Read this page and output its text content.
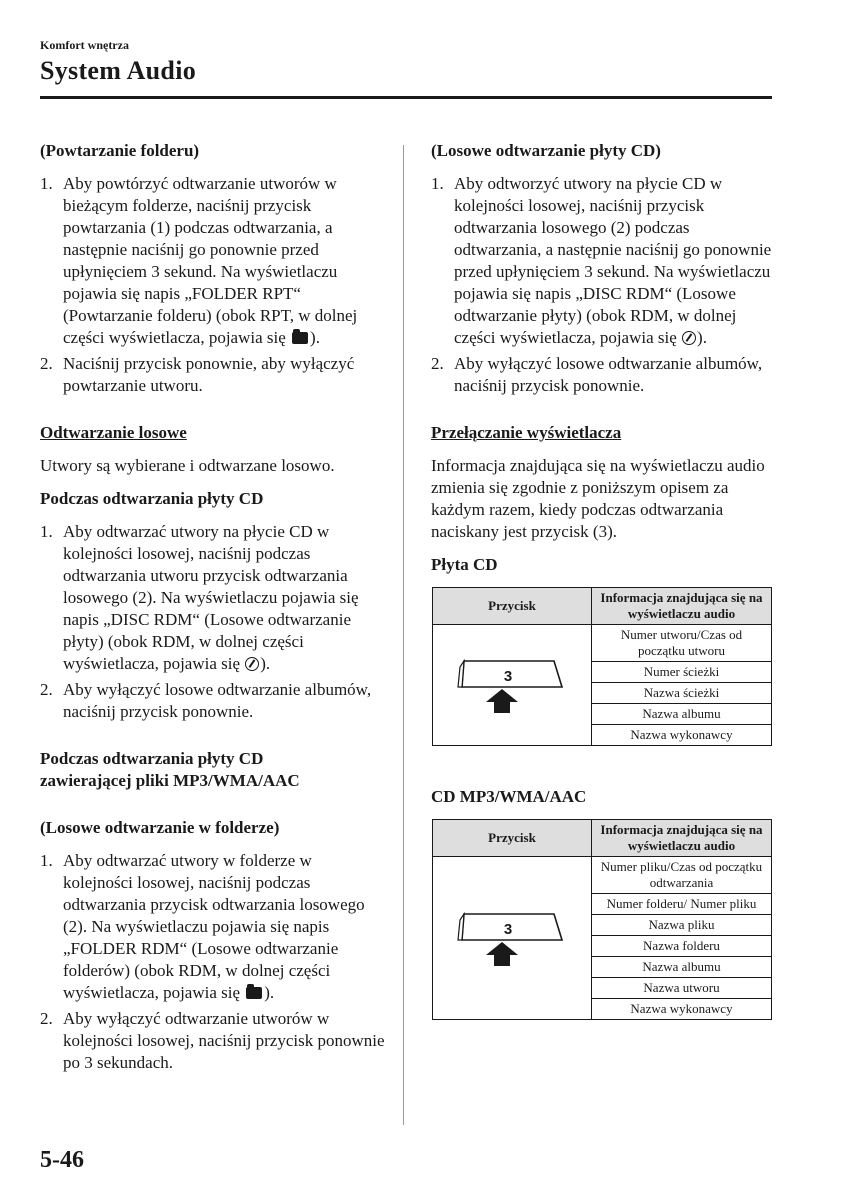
Komfort wnętrza
System Audio
(Powtarzanie folderu)
1. Aby powtórzyć odtwarzanie utworów w bieżącym folderze, naciśnij przycisk powtarzania (1) podczas odtwarzania, a następnie naciśnij go ponownie przed upłynięciem 3 sekund. Na wyświetlaczu pojawia się napis „FOLDER RPT“ (Powtarzanie folderu) (obok RPT, w dolnej części wyświetlacza, pojawia się ).
2. Naciśnij przycisk ponownie, aby wyłączyć powtarzanie utworu.
Odtwarzanie losowe
Utwory są wybierane i odtwarzane losowo.
Podczas odtwarzania płyty CD
1. Aby odtwarzać utwory na płycie CD w kolejności losowej, naciśnij podczas odtwarzania utworu przycisk odtwarzania losowego (2). Na wyświetlaczu pojawia się napis „DISC RDM“ (Losowe odtwarzanie płyty) (obok RDM, w dolnej części wyświetlacza, pojawia się ).
2. Aby wyłączyć losowe odtwarzanie albumów, naciśnij przycisk ponownie.
Podczas odtwarzania płyty CD
zawierającej pliki MP3/WMA/AAC
(Losowe odtwarzanie w folderze)
1. Aby odtwarzać utwory w folderze w kolejności losowej, naciśnij podczas odtwarzania przycisk odtwarzania losowego (2). Na wyświetlaczu pojawia się napis „FOLDER RDM“ (Losowe odtwarzanie folderów) (obok RDM, w dolnej części wyświetlacza, pojawia się ).
2. Aby wyłączyć odtwarzanie utworów w kolejności losowej, naciśnij przycisk ponownie po 3 sekundach.
(Losowe odtwarzanie płyty CD)
1. Aby odtworzyć utwory na płycie CD w kolejności losowej, naciśnij przycisk odtwarzania losowego (2) podczas odtwarzania, a następnie naciśnij go ponownie przed upłynięciem 3 sekund. Na wyświetlaczu pojawia się napis „DISC RDM“ (Losowe odtwarzanie płyty) (obok RDM, w dolnej części wyświetlacza, pojawia się ).
2. Aby wyłączyć losowe odtwarzanie albumów, naciśnij przycisk ponownie.
Przełączanie wyświetlacza
Informacja znajdująca się na wyświetlaczu audio zmienia się zgodnie z poniższym opisem za każdym razem, kiedy podczas odtwarzania naciskany jest przycisk (3).
Płyta CD
Przycisk	Informacja znajdująca się na wyświetlaczu audio

3	Numer utworu/Czas od początku utworu
	Numer ścieżki
	Nazwa ścieżki
	Nazwa albumu
	Nazwa wykonawcy
CD MP3/WMA/AAC
Przycisk	Informacja znajdująca się na wyświetlaczu audio

3	Numer pliku/Czas od początku odtwarzania
	Numer folderu/ Numer pliku
	Nazwa pliku
	Nazwa folderu
	Nazwa albumu
	Nazwa utworu
	Nazwa wykonawcy
5-46
